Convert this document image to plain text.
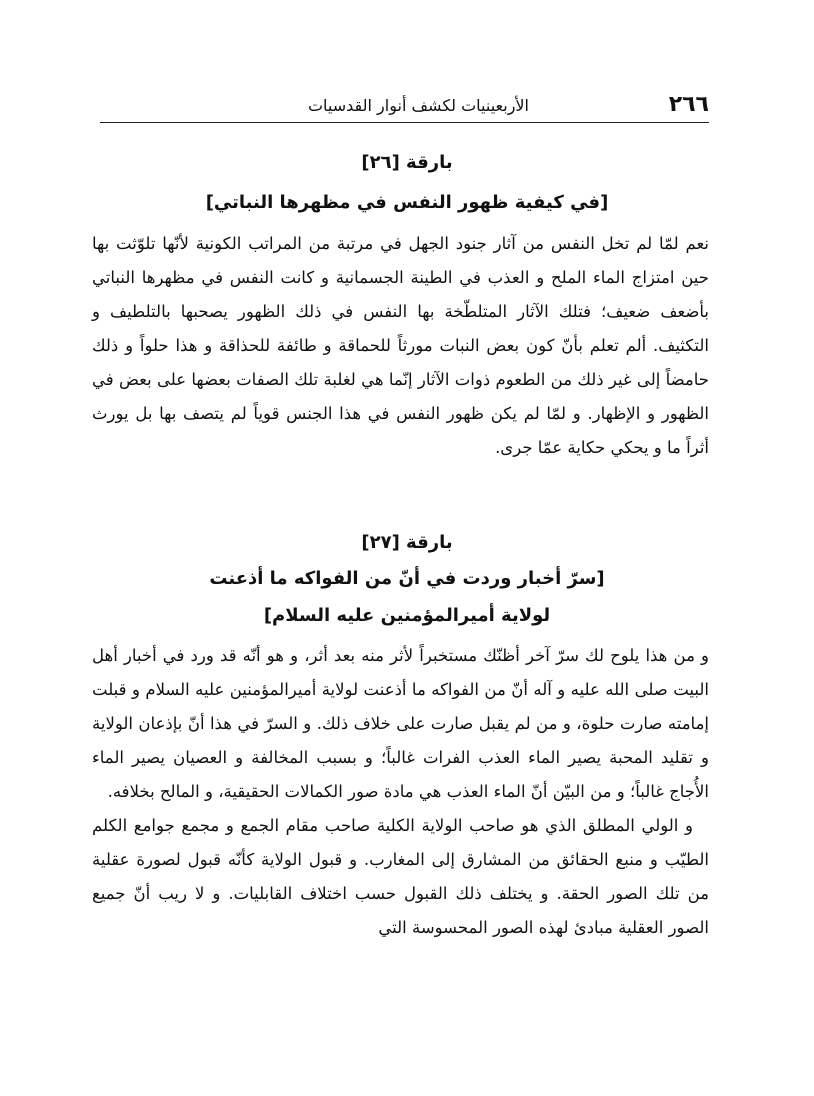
٢٦٦
الأربعينيات لكشف أنوار القدسيات
بارقة [٢٦]
[في كيفية ظهور النفس في مظهرها النباتي]

نعم لمّا لم تخل النفس من آثار جنود الجهل في مرتبة من المراتب الكونية لأنّها تلوّثت بها حين امتزاج الماء الملح و العذب في الطينة الجسمانية و كانت النفس في مظهرها النباتي بأضعف ضعيف؛ فتلك الآثار المتلطّخة بها النفس في ذلك الظهور يصحبها بالتلطيف و التكثيف. ألم تعلم بأنّ كون بعض النبات مورثاً للحماقة و طائفة للحذاقة و هذا حلواً و ذلك حامضاً إلى غير ذلك من الطعوم ذوات الآثار إنّما هي لغلبة تلك الصفات بعضها على بعض في الظهور و الإظهار. و لمّا لم يكن ظهور النفس في هذا الجنس قوياً لم يتصف بها بل يورث أثراً ما و يحكي حكاية عمّا جرى.

بارقة [٢٧]
[سرّ أخبار وردت في أنّ من الفواكه ما أذعنت
لولاية أميرالمؤمنين عليه السلام]

و من هذا يلوح لك سرّ آخر أظنّك مستخبراً لأثر منه بعد أثر، و هو أنّه قد ورد في أخبار أهل البيت صلى الله عليه و آله أنّ من الفواكه ما أذعنت لولاية أميرالمؤمنين عليه السلام و قبلت إمامته صارت حلوة، و من لم يقبل صارت على خلاف ذلك. و السرّ في هذا أنّ بإذعان الولاية و تقليد المحبة يصير الماء العذب الفرات غالباً؛ و بسبب المخالفة و العصيان يصير الماء الأُجاج غالباً؛ و من البيّن أنّ الماء العذب هي مادة صور الكمالات الحقيقية، و المالح بخلافه.

و الولي المطلق الذي هو صاحب الولاية الكلية صاحب مقام الجمع و مجمع جوامع الكلم الطيّب و منبع الحقائق من المشارق إلى المغارب. و قبول الولاية كأنّه قبول لصورة عقلية من تلك الصور الحقة. و يختلف ذلك القبول حسب اختلاف القابليات. و لا ريب أنّ جميع الصور العقلية مبادئ لهذه الصور المحسوسة التي
